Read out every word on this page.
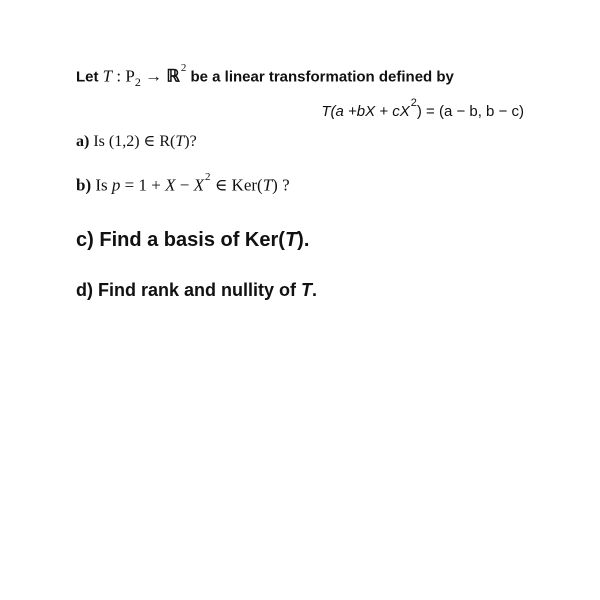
Let T : $P_2$ → ℝ$^2$ be a linear transformation defined by
$T(a +bX + cX^2) = (a - b$, b − c)
a) Is (1,2) ∈ R(T)?
b) Is $p = 1 + X - X^2$ ∈ Ker(T) ?
c) Find a basis of Ker(T).
d) Find rank and nullity of T.
